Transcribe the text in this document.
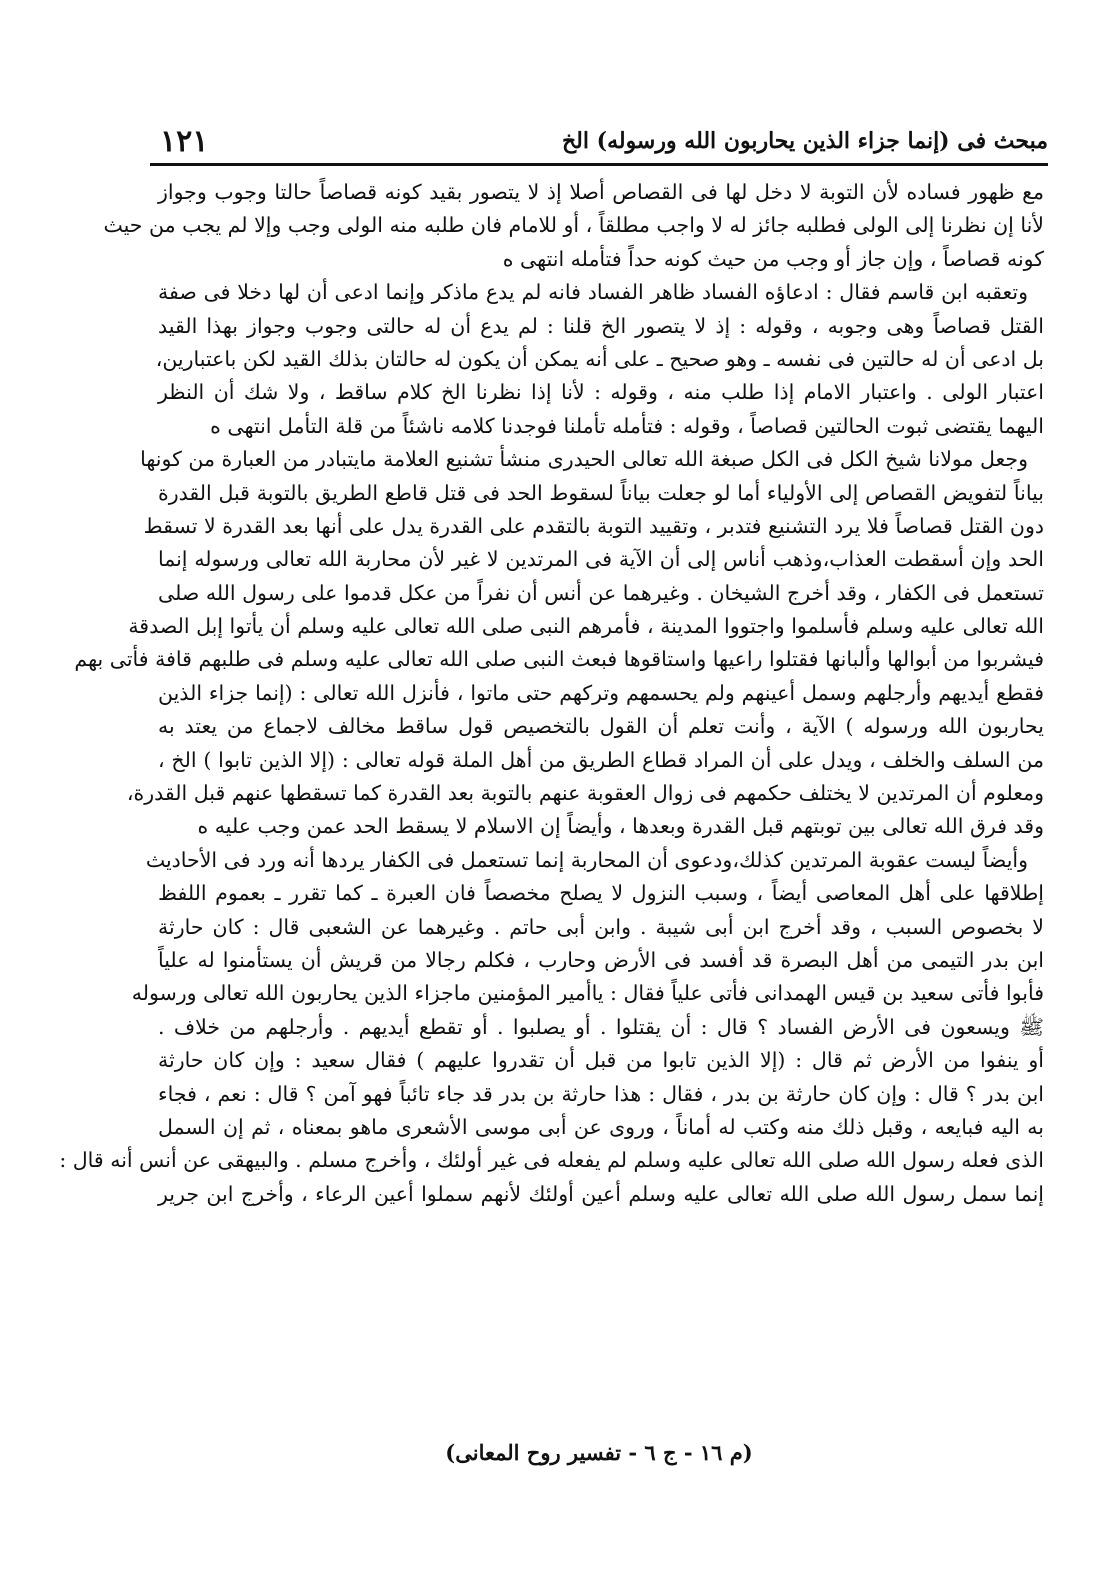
مبحث فى (إنما جزاء الذين يحاربون الله ورسوله) الخ
١٢١
مع ظهور فساده لأن التوبة لا دخل لها فى القصاص أصلا إذ لا يتصور بقيد كونه قصاصاً حالتا وجوب وجواز
لأنا إن نظرنا إلى الولى فطلبه جائز له لا واجب مطلقاً ، أو للامام فان طلبه منه الولى وجب وإلا لم يجب من حيث
كونه قصاصاً ، وإن جاز أو وجب من حيث كونه حداً فتأمله انتهى ه
وتعقبه ابن قاسم فقال : ادعاؤه الفساد ظاهر الفساد فانه لم يدع ماذكر وإنما ادعى أن لها دخلا فى صفة
القتل قصاصاً وهى وجوبه ، وقوله : إذ لا يتصور الخ قلنا : لم يدع أن له حالتى وجوب وجواز بهذا القيد
بل ادعى أن له حالتين فى نفسه ـ وهو صحيح ـ على أنه يمكن أن يكون له حالتان بذلك القيد لكن باعتبارين،
اعتبار الولى . واعتبار الامام إذا طلب منه ، وقوله : لأنا إذا نظرنا الخ كلام ساقط ، ولا شك أن النظر
اليهما يقتضى ثبوت الحالتين قصاصاً ، وقوله : فتأمله تأملنا فوجدنا كلامه ناشئاً من قلة التأمل انتهى ه
وجعل مولانا شيخ الكل فى الكل صبغة الله تعالى الحيدرى منشأ تشنيع العلامة مايتبادر من العبارة من كونها
بياناً لتفويض القصاص إلى الأولياء أما لو جعلت بياناً لسقوط الحد فى قتل قاطع الطريق بالتوبة قبل القدرة
دون القتل قصاصاً فلا يرد التشنيع فتدبر ، وتقييد التوبة بالتقدم على القدرة يدل على أنها بعد القدرة لا تسقط
الحد وإن أسقطت العذاب،وذهب أناس إلى أن الآية فى المرتدين لا غير لأن محاربة الله تعالى ورسوله إنما
تستعمل فى الكفار ، وقد أخرج الشيخان . وغيرهما عن أنس أن نفراً من عكل قدموا على رسول الله صلى
الله تعالى عليه وسلم فأسلموا واجتووا المدينة ، فأمرهم النبى صلى الله تعالى عليه وسلم أن يأتوا إبل الصدقة
فيشربوا من أبوالها وألبانها فقتلوا راعيها واستاقوها فبعث النبى صلى الله تعالى عليه وسلم فى طلبهم قافة فأتى بهم
فقطع أيديهم وأرجلهم وسمل أعينهم ولم يحسمهم وتركهم حتى ماتوا ، فأنزل الله تعالى : (إنما جزاء الذين
يحاربون الله ورسوله ) الآية ، وأنت تعلم أن القول بالتخصيص قول ساقط مخالف لاجماع من يعتد به
من السلف والخلف ، ويدل على أن المراد قطاع الطريق من أهل الملة قوله تعالى : (إلا الذين تابوا ) الخ ،
ومعلوم أن المرتدين لا يختلف حكمهم فى زوال العقوبة عنهم بالتوبة بعد القدرة كما تسقطها عنهم قبل القدرة،
وقد فرق الله تعالى بين توبتهم قبل القدرة وبعدها ، وأيضاً إن الاسلام لا يسقط الحد عمن وجب عليه ه
وأيضاً ليست عقوبة المرتدين كذلك،ودعوى أن المحاربة إنما تستعمل فى الكفار يردها أنه ورد فى الأحاديث
إطلاقها على أهل المعاصى أيضاً ، وسبب النزول لا يصلح مخصصاً فان العبرة ـ كما تقرر ـ بعموم اللفظ
لا بخصوص السبب ، وقد أخرج ابن أبى شيبة . وابن أبى حاتم . وغيرهما عن الشعبى قال : كان حارثة
ابن بدر التيمى من أهل البصرة قد أفسد فى الأرض وحارب ، فكلم رجالا من قريش أن يستأمنوا له علياً
فأبوا فأتى سعيد بن قيس الهمدانى فأتى علياً فقال : ياأمير المؤمنين ماجزاء الذين يحاربون الله تعالى ورسوله
ﷺ ويسعون فى الأرض الفساد ؟ قال : أن يقتلوا . أو يصلبوا . أو تقطع أيديهم . وأرجلهم من خلاف .
أو ينفوا من الأرض ثم قال : (إلا الذين تابوا من قبل أن تقدروا عليهم ) فقال سعيد : وإن كان حارثة
ابن بدر ؟ قال : وإن كان حارثة بن بدر ، فقال : هذا حارثة بن بدر قد جاء تائباً فهو آمن ؟ قال : نعم ، فجاء
به اليه فبايعه ، وقبل ذلك منه وكتب له أماناً ، وروى عن أبى موسى الأشعرى ماهو بمعناه ، ثم إن السمل
الذى فعله رسول الله صلى الله تعالى عليه وسلم لم يفعله فى غير أولئك ، وأخرج مسلم . والبيهقى عن أنس أنه قال :
إنما سمل رسول الله صلى الله تعالى عليه وسلم أعين أولئك لأنهم سملوا أعين الرعاء ، وأخرج ابن جرير
(م ١٦ - ج ٦ - تفسير روح المعانى)
